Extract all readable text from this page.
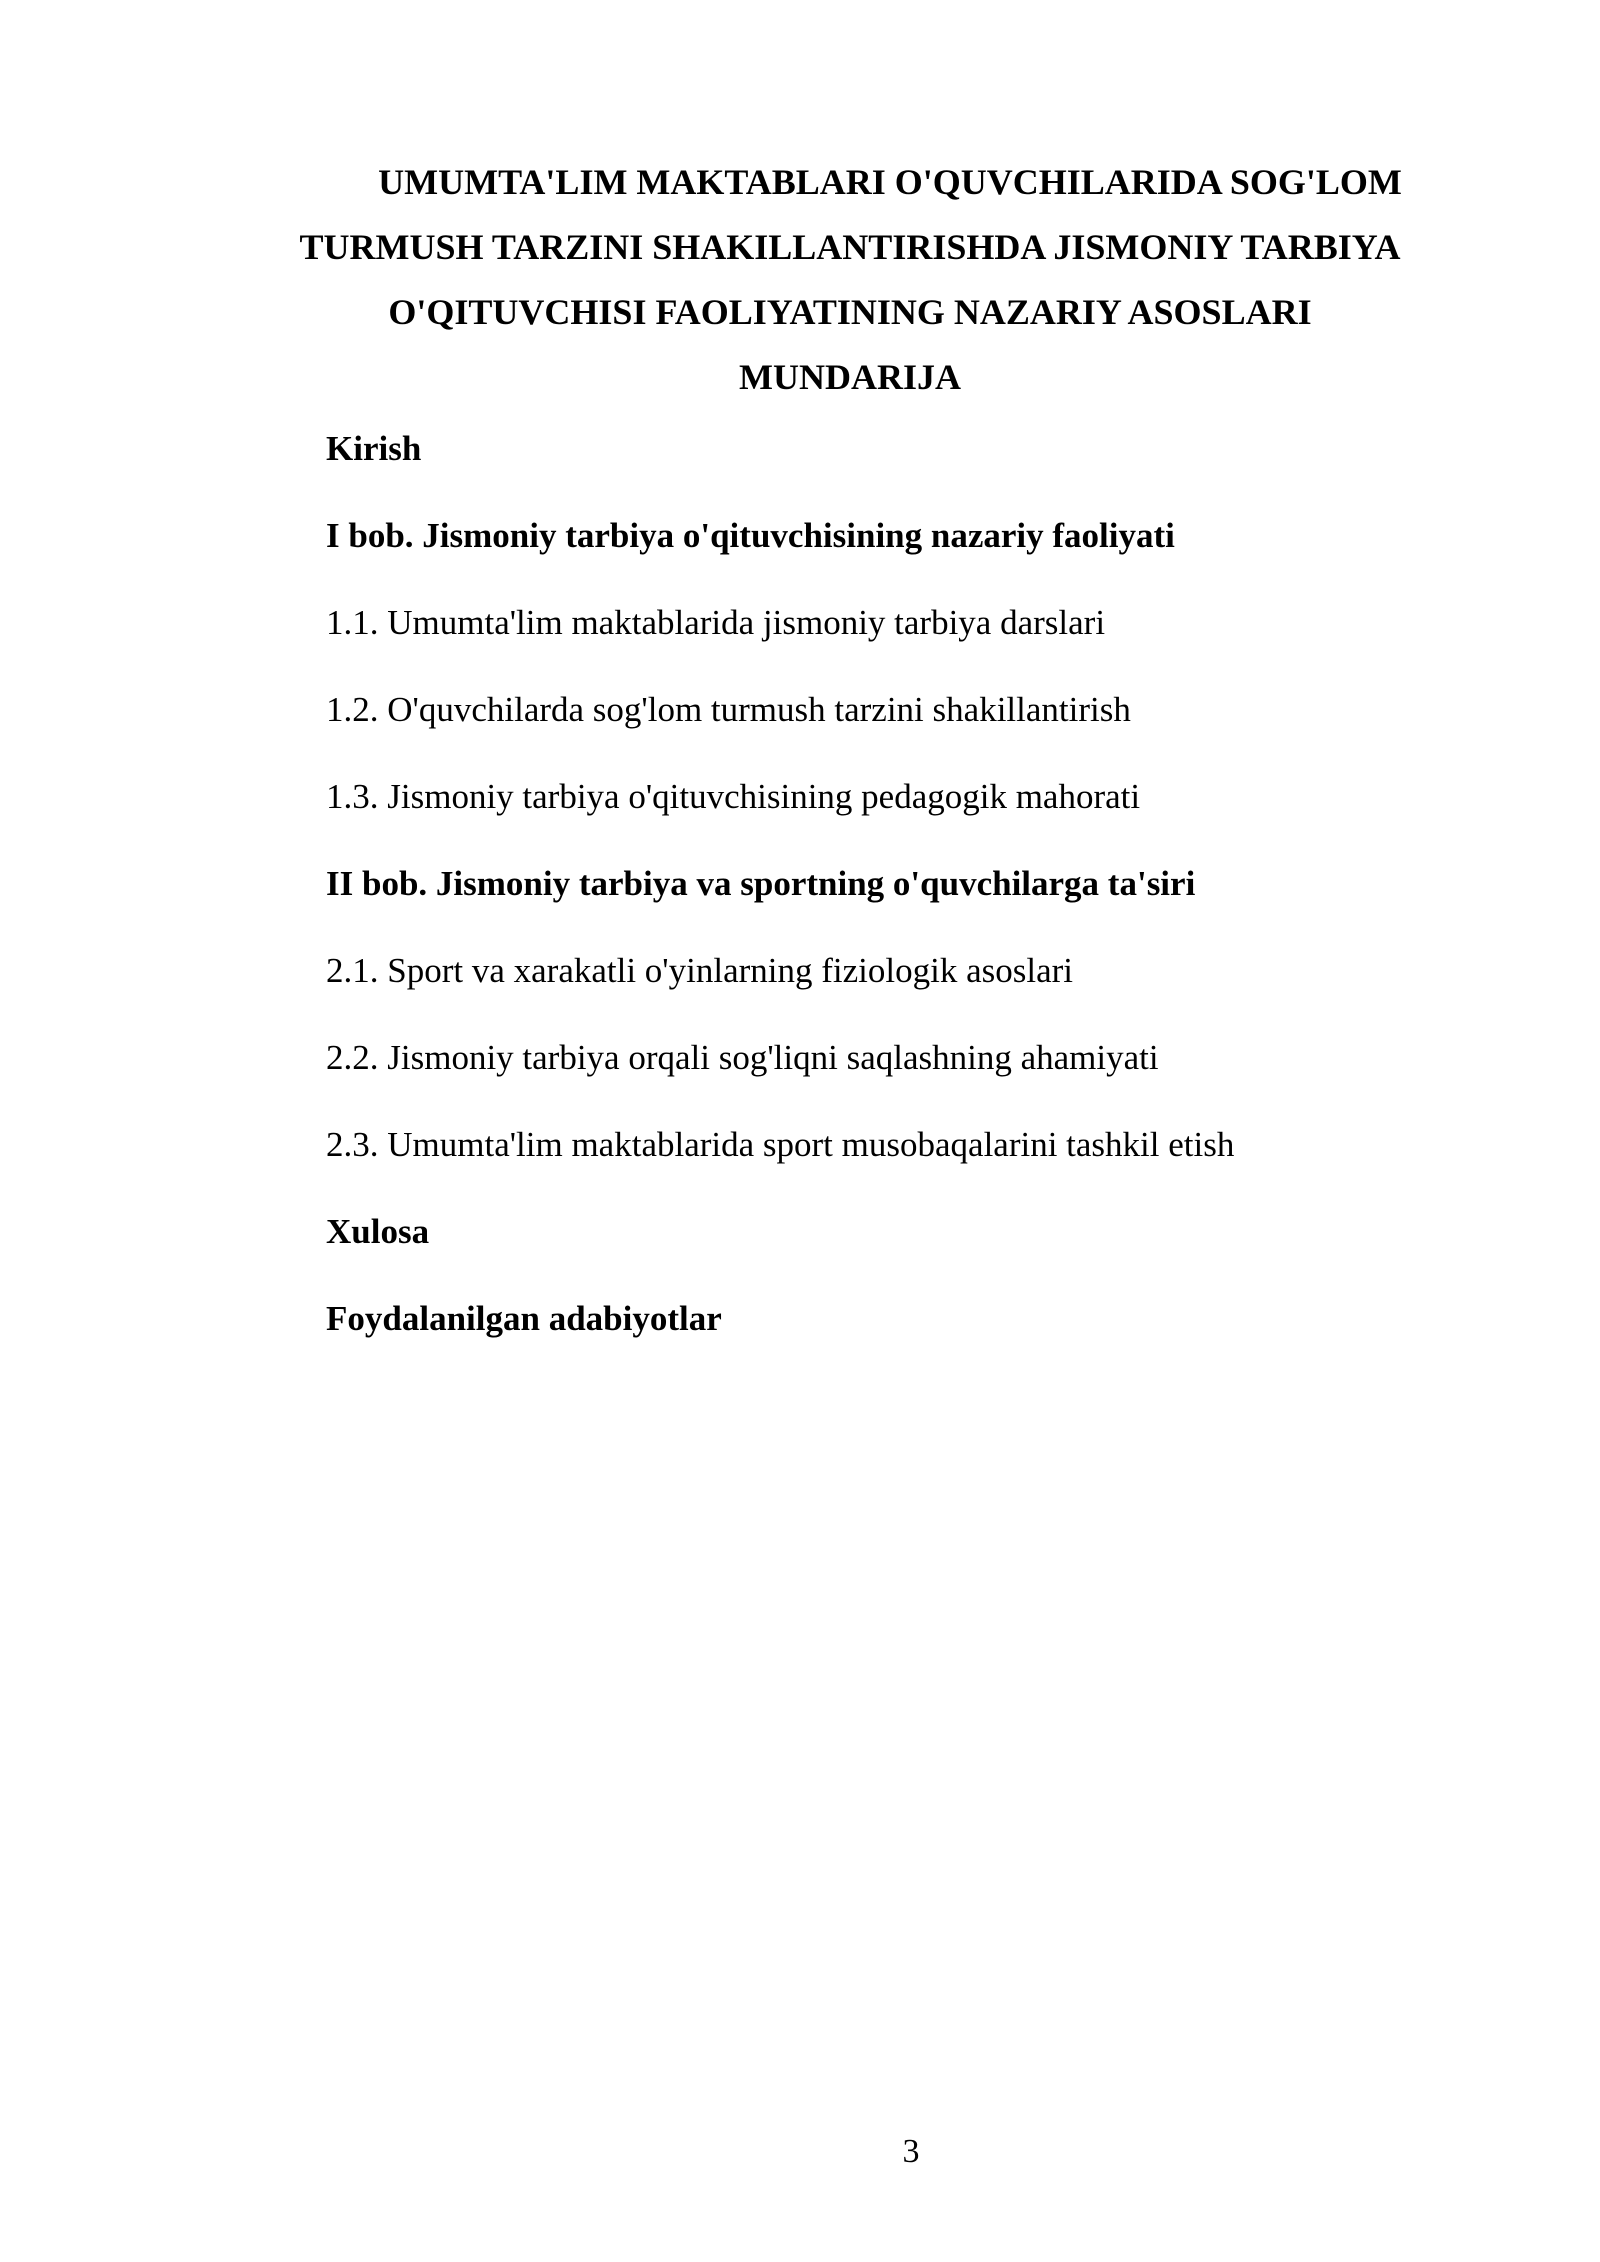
UMUMTA'LIM MAKTABLARI O'QUVCHILARIDA SOG'LOM
TURMUSH TARZINI SHAKILLANTIRISHDA JISMONIY TARBIYA
O'QITUVCHISI FAOLIYATINING NAZARIY ASOSLARI
MUNDARIJA
Kirish
I bob. Jismoniy tarbiya o'qituvchisining nazariy faoliyati
1.1. Umumta'lim maktablarida jismoniy tarbiya darslari
1.2. O'quvchilarda sog'lom turmush tarzini shakillantirish
1.3. Jismoniy tarbiya o'qituvchisining pedagogik mahorati
II bob. Jismoniy tarbiya va sportning o'quvchilarga ta'siri
2.1. Sport va xarakatli o'yinlarning fiziologik asoslari
2.2. Jismoniy tarbiya orqali sog'liqni saqlashning ahamiyati
2.3. Umumta'lim maktablarida sport musobaqalarini tashkil etish
Xulosa
Foydalanilgan adabiyotlar
3
